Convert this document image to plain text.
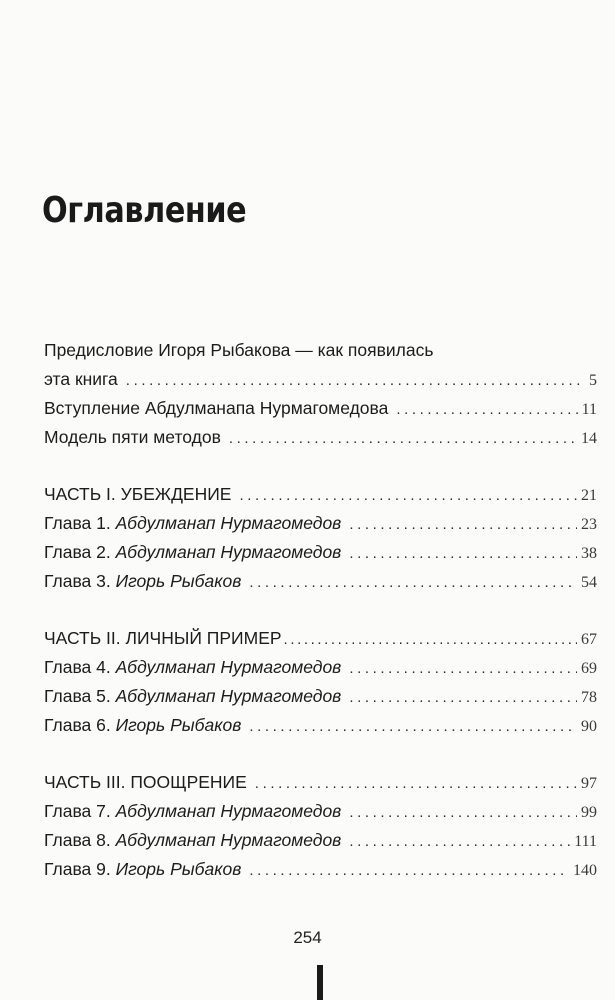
Оглавление
Предисловие Игоря Рыбакова — как появилась
эта книга .....	5
Вступление Абдулманапа Нурмагомедова .....	11
Модель пяти методов .....	14
ЧАСТЬ I. УБЕЖДЕНИЕ .....	21
Глава 1. Абдулманап Нурмагомедов .....	23
Глава 2. Абдулманап Нурмагомедов .....	38
Глава 3. Игорь Рыбаков .....	54
ЧАСТЬ II. ЛИЧНЫЙ ПРИМЕР .....	67
Глава 4. Абдулманап Нурмагомедов .....	69
Глава 5. Абдулманап Нурмагомедов .....	78
Глава 6. Игорь Рыбаков .....	90
ЧАСТЬ III. ПООЩРЕНИЕ .....	97
Глава 7. Абдулманап Нурмагомедов .....	99
Глава 8. Абдулманап Нурмагомедов .....	111
Глава 9. Игорь Рыбаков .....	140
254
